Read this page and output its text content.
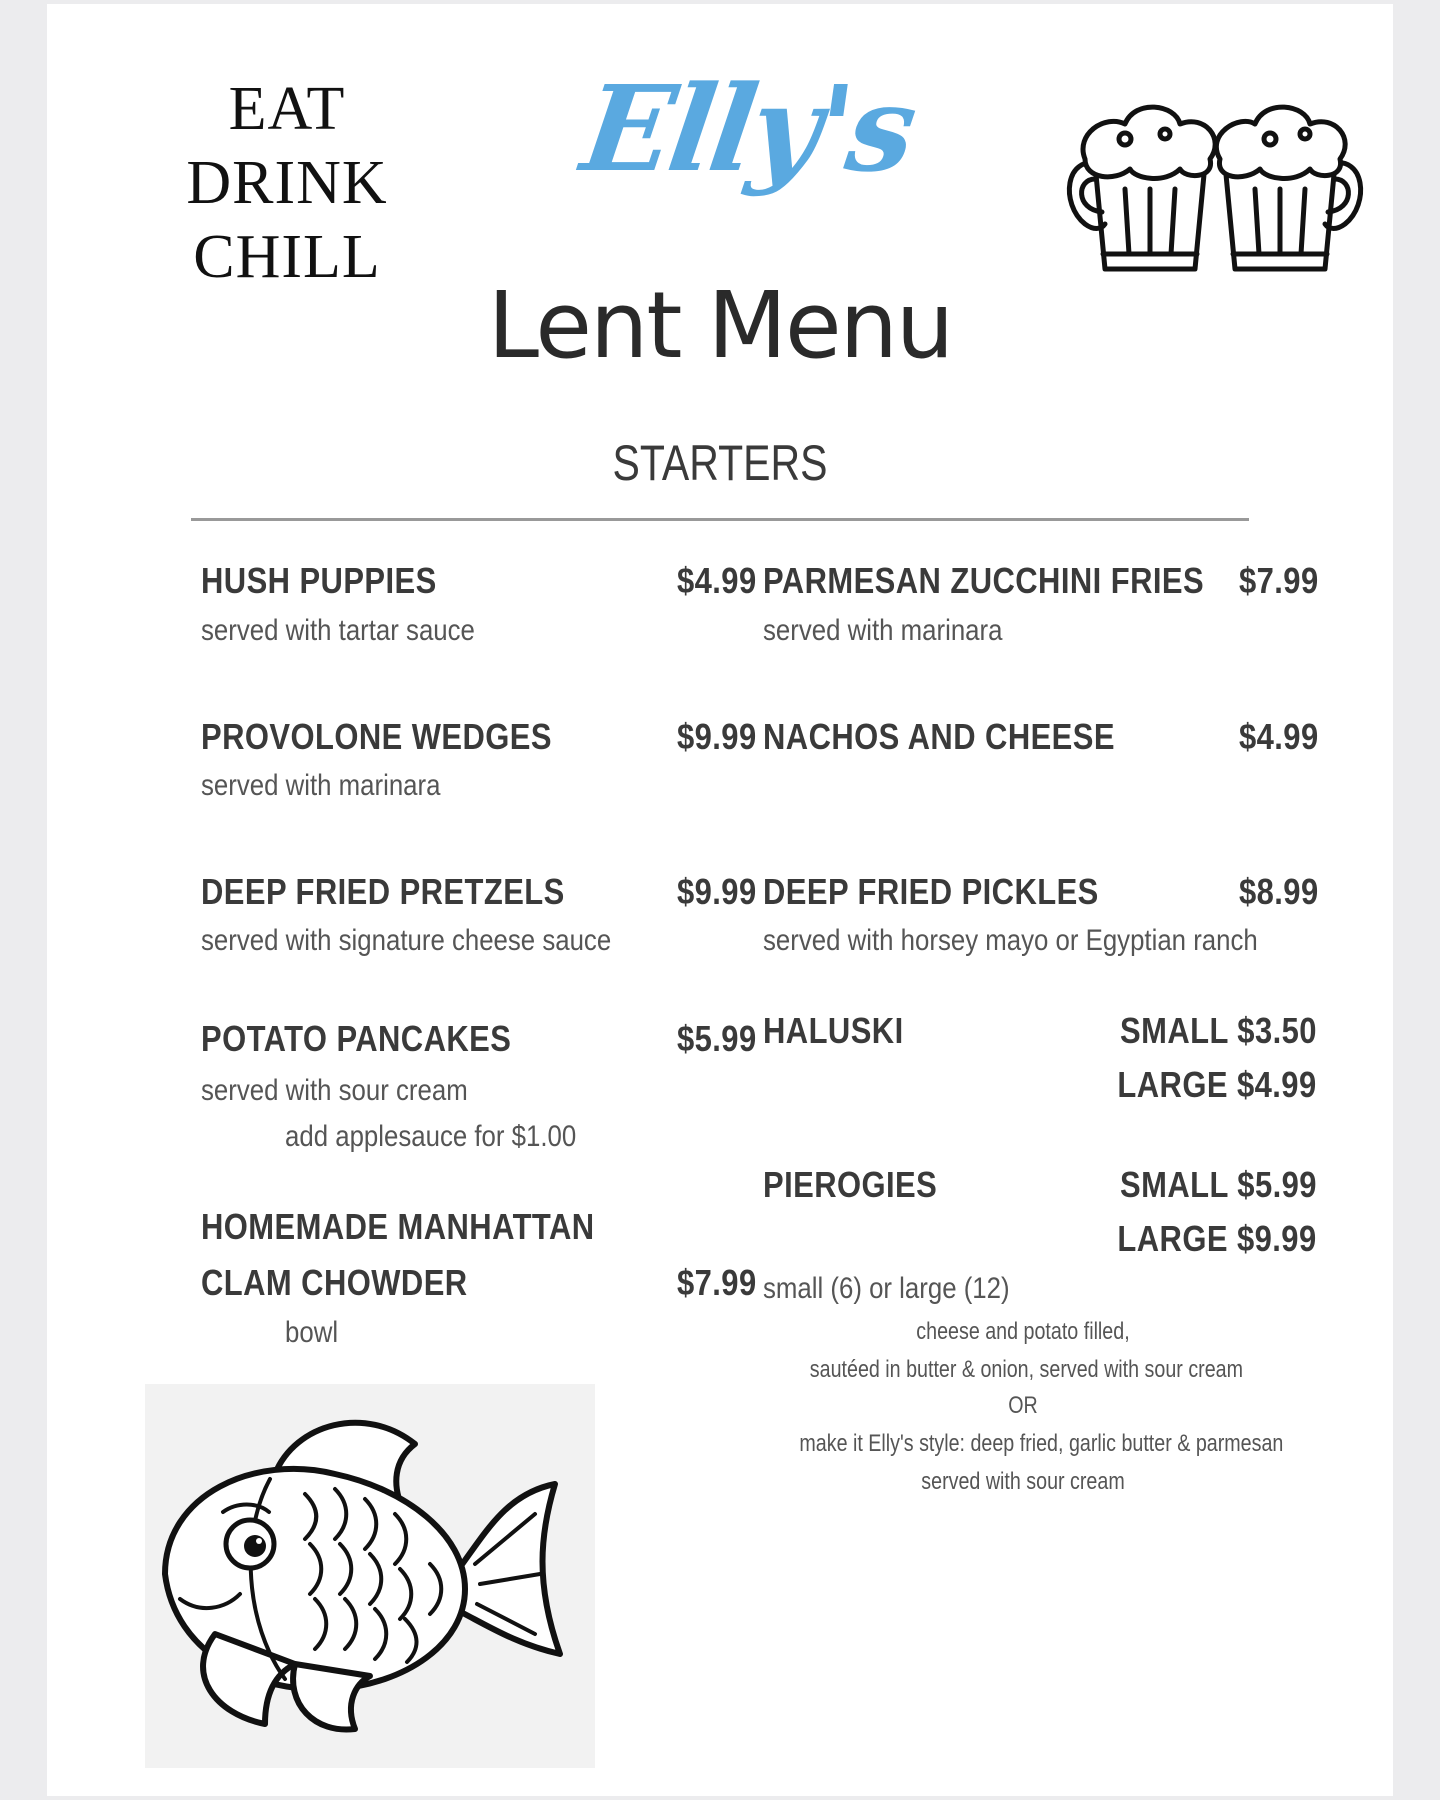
EAT
DRINK
CHILL
Elly's
Lent Menu
STARTERS
HUSH PUPPIES	$4.99
served with tartar sauce
PROVOLONE WEDGES	$9.99
served with marinara
DEEP FRIED PRETZELS	$9.99
served with signature cheese sauce
POTATO PANCAKES	$5.99
served with sour cream
add applesauce for $1.00
HOMEMADE MANHATTAN
CLAM CHOWDER	$7.99
bowl
PARMESAN ZUCCHINI FRIES $7.99
served with marinara
NACHOS AND CHEESE	$4.99
DEEP FRIED PICKLES	$8.99
served with horsey mayo or Egyptian ranch
HALUSKI	SMALL $3.50
LARGE $4.99
PIEROGIES	SMALL $5.99
LARGE $9.99
small (6) or large (12)
cheese and potato filled,
sautéed in butter & onion, served with sour cream
OR
make it Elly's style: deep fried, garlic butter & parmesan
served with sour cream
